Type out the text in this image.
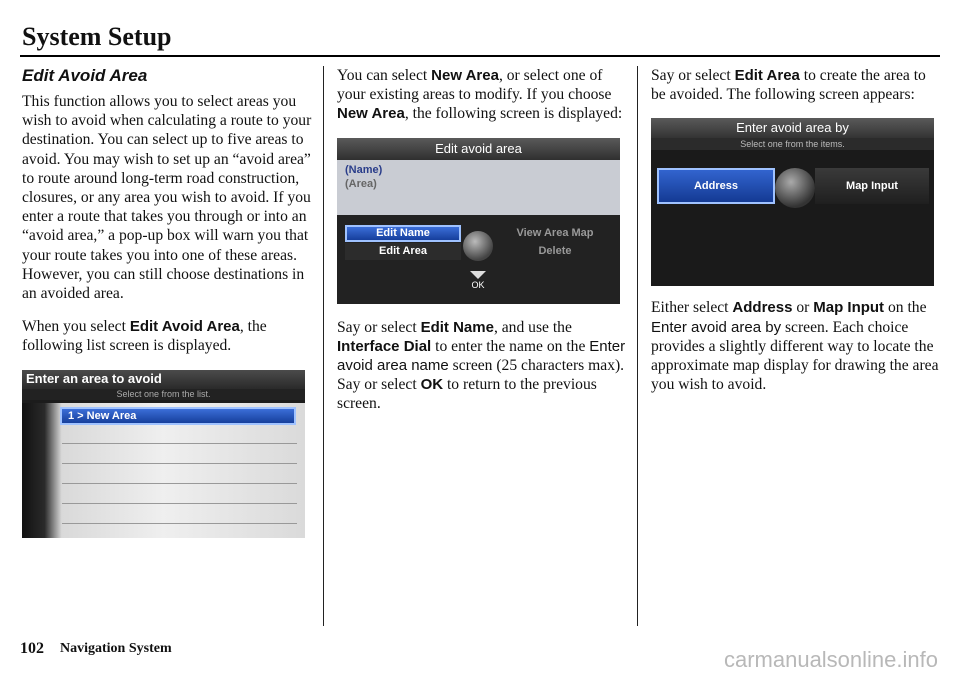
System Setup
Edit Avoid Area

This function allows you to select areas you wish to avoid when calculating a route to your destination. You can select up to five areas to avoid. You may wish to set up an “avoid area” to route around long-term road construction, closures, or any area you wish to avoid. If you enter a route that takes you through or into an “avoid area,” a pop-up box will warn you that your route takes you into one of these areas. However, you can still choose destinations in an avoided area.

When you select Edit Avoid Area, the following list screen is displayed.

Enter an area to avoid
Select one from the list.
1 > New Area

You can select New Area, or select one of your existing areas to modify. If you choose New Area, the following screen is displayed:

Edit avoid area
(Name)
(Area)
Edit Name	View Area Map
Edit Area	Delete
OK

Say or select Edit Name, and use the Interface Dial to enter the name on the Enter avoid area name screen (25 characters max). Say or select OK to return to the previous screen.

Say or select Edit Area to create the area to be avoided. The following screen appears:

Enter avoid area by
Select one from the items.
Address	Map Input

Either select Address or Map Input on the Enter avoid area by screen. Each choice provides a slightly different way to locate the approximate map display for drawing the area you wish to avoid.

102 Navigation System	carmanualsonline.info
